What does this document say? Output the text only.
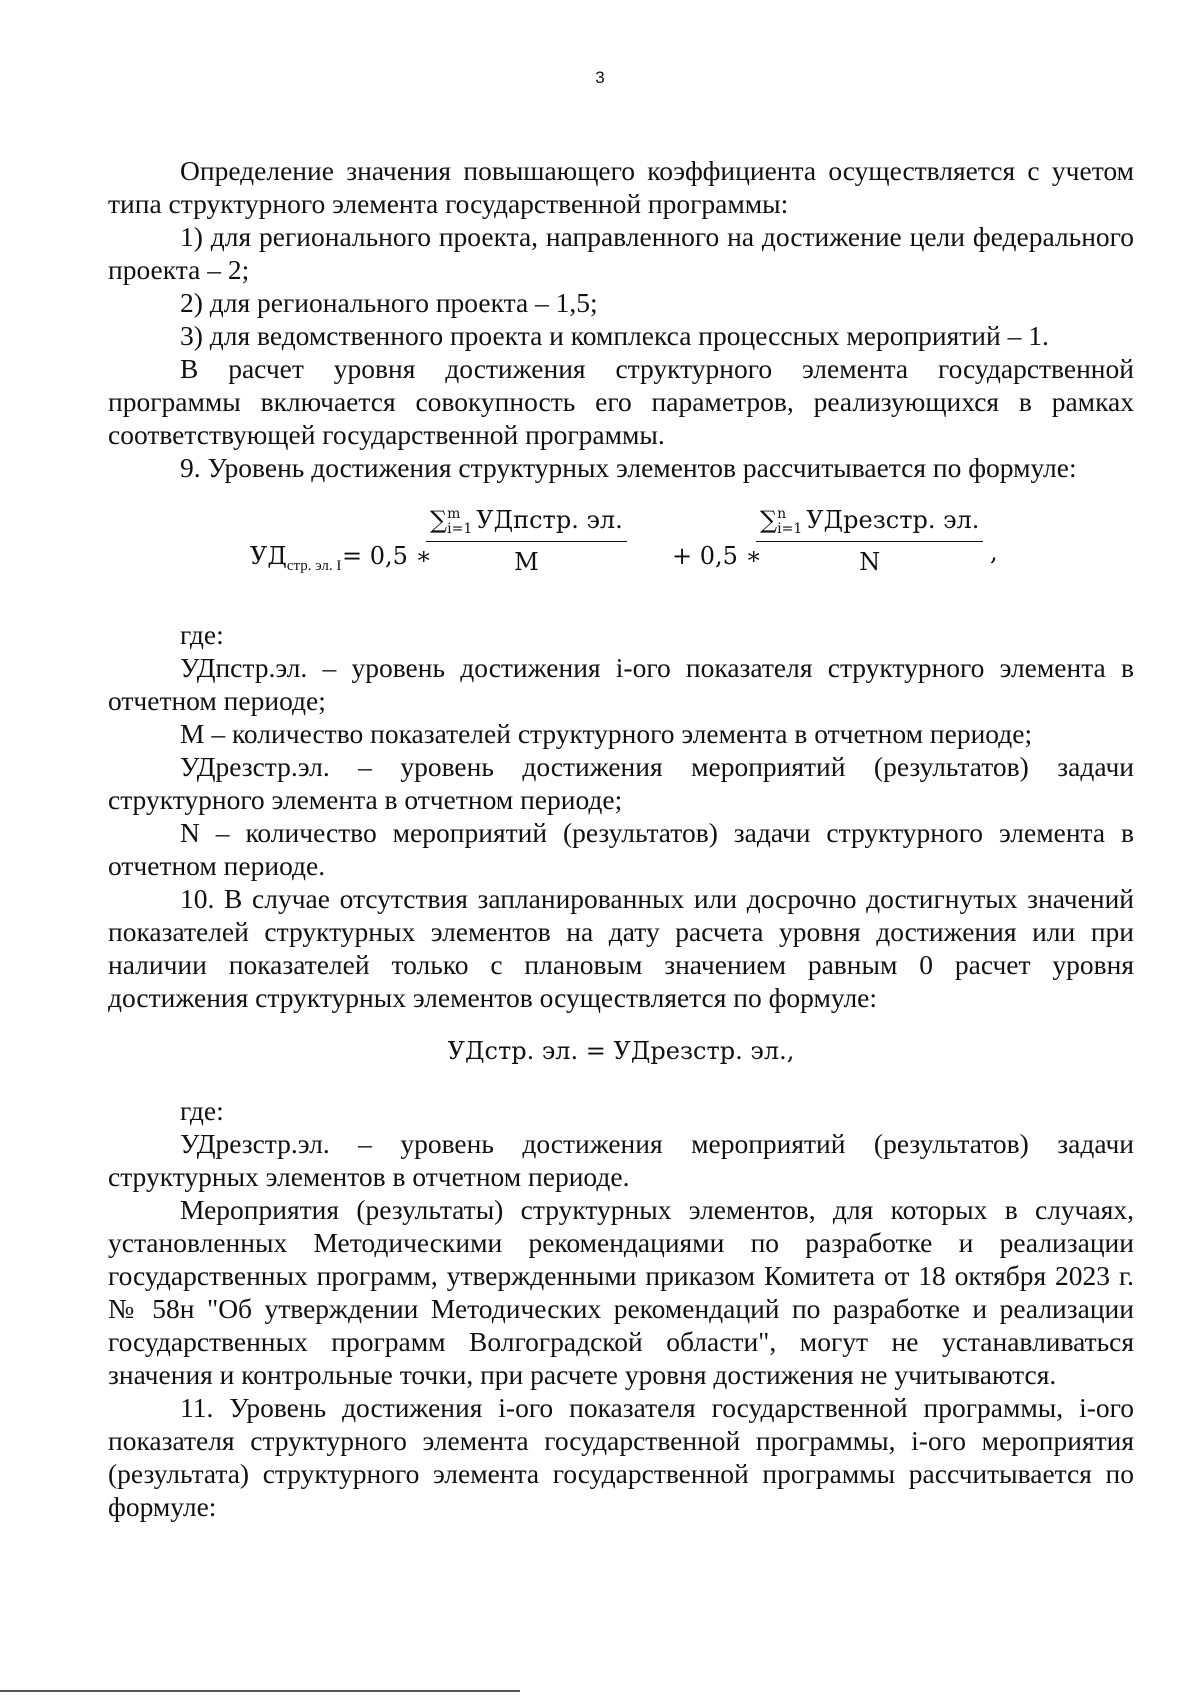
3

Определение значения повышающего коэффициента осуществляется с учетом типа структурного элемента государственной программы:

1) для регионального проекта, направленного на достижение цели федерального проекта – 2;

2) для регионального проекта – 1,5;

3) для ведомственного проекта и комплекса процессных мероприятий – 1.

В расчет уровня достижения структурного элемента государственной программы включается совокупность его параметров, реализующихся в рамках соответствующей государственной программы.

9. Уровень достижения структурных элементов рассчитывается по формуле:

$УД_{стр. эл. I} = 0,5$ ∗
∑ m
i=1 УДпстр. эл.
M	+ 0,5 ∗
∑ n
i=1 УДрезстр. эл.
N	,

где:

УДпстр.эл. – уровень достижения i-ого показателя структурного элемента в отчетном периоде;

M – количество показателей структурного элемента в отчетном периоде;

УДрезстр.эл. – уровень достижения мероприятий (результатов) задачи структурного элемента в отчетном периоде;

N – количество мероприятий (результатов) задачи структурного элемента в отчетном периоде.

10. В случае отсутствия запланированных или досрочно достигнутых значений показателей структурных элементов на дату расчета уровня достижения или при наличии показателей только с плановым значением равным 0 расчет уровня достижения структурных элементов осуществляется по формуле:

УДстр. эл. = УДрезстр. эл.,

где:

УДрезстр.эл. – уровень достижения мероприятий (результатов) задачи структурных элементов в отчетном периоде.

Мероприятия (результаты) структурных элементов, для которых в случаях, установленных Методическими рекомендациями по разработке и реализации государственных программ, утвержденными приказом Комитета от 18 октября 2023 г. № 58н "Об утверждении Методических рекомендаций по разработке и реализации государственных программ Волгоградской области", могут не устанавливаться значения и контрольные точки, при расчете уровня достижения не учитываются.

11. Уровень достижения i-ого показателя государственной программы, i-ого показателя структурного элемента государственной программы, i-ого мероприятия (результата) структурного элемента государственной программы рассчитывается по формуле:
